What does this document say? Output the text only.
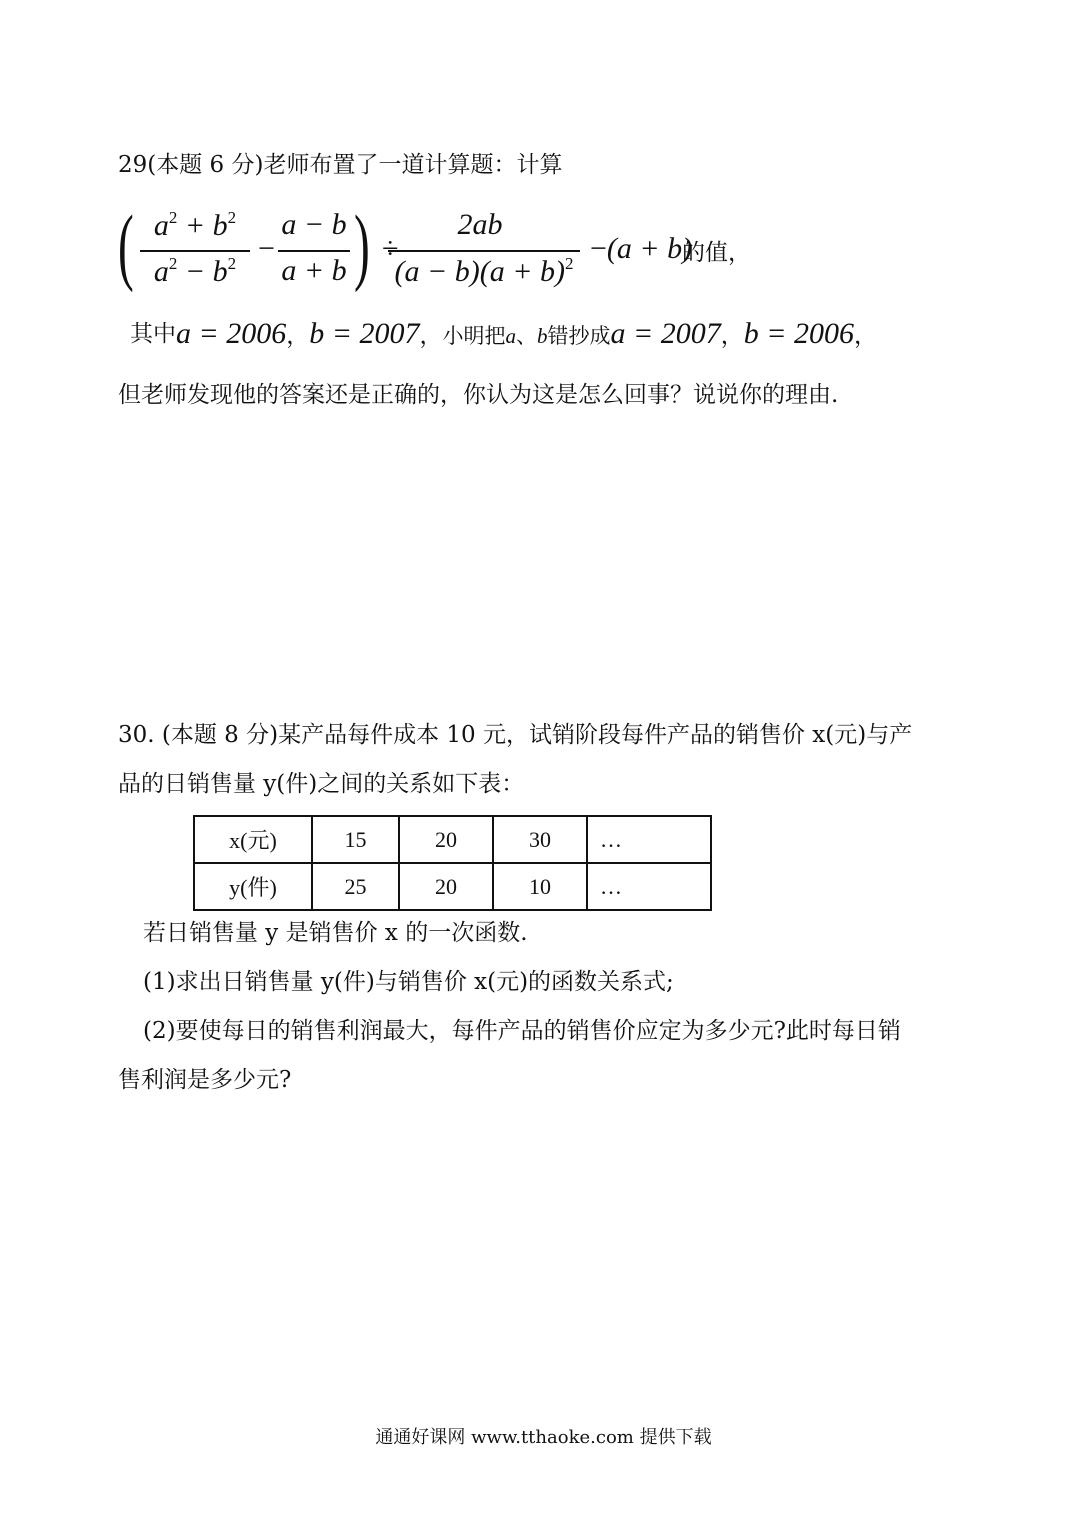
29(本题 6 分)老师布置了一道计算题：计算
( $a^2 + b^2$
$a^2 - b^2$ −
a − b
a + b ) ÷
2ab
$(a - b)(a + b)^2 -(a + b)$
的值，
其中a = 2006，b = 2007，小明把a、b错抄成a = 2007，b = 2006，
但老师发现他的答案还是正确的，你认为这是怎么回事？说说你的理由.
30. (本题 8 分)某产品每件成本 10 元，试销阶段每件产品的销售价 x(元)与产
品的日销售量 y(件)之间的关系如下表：
x(元)	15	20	30	…
y(件)	25	20	10	…
若日销售量 y 是销售价 x 的一次函数.
(1)求出日销售量 y(件)与销售价 x(元)的函数关系式;
(2)要使每日的销售利润最大，每件产品的销售价应定为多少元?此时每日销
售利润是多少元?
通通好课网 www.tthaoke.com 提供下载
